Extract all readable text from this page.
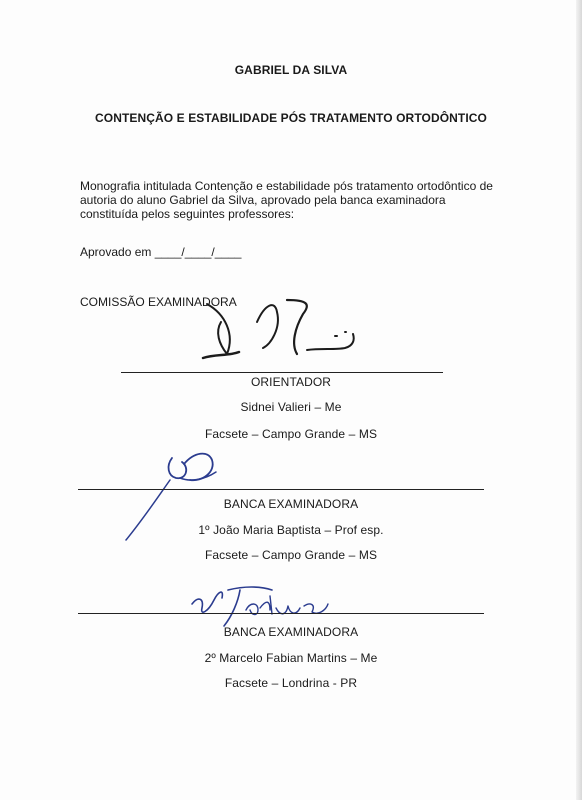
GABRIEL DA SILVA
CONTENÇÃO E ESTABILIDADE PÓS TRATAMENTO ORTODÔNTICO
Monografia intitulada Contenção e estabilidade pós tratamento ortodôntico de
autoria do aluno Gabriel da Silva, aprovado pela banca examinadora
constituída pelos seguintes professores:
Aprovado em ____/____/____
COMISSÃO EXAMINADORA
ORIENTADOR
Sidnei Valieri – Me
Facsete – Campo Grande – MS
BANCA EXAMINADORA
1º João Maria Baptista – Prof esp.
Facsete – Campo Grande – MS
BANCA EXAMINADORA
2º Marcelo Fabian Martins – Me
Facsete – Londrina - PR
